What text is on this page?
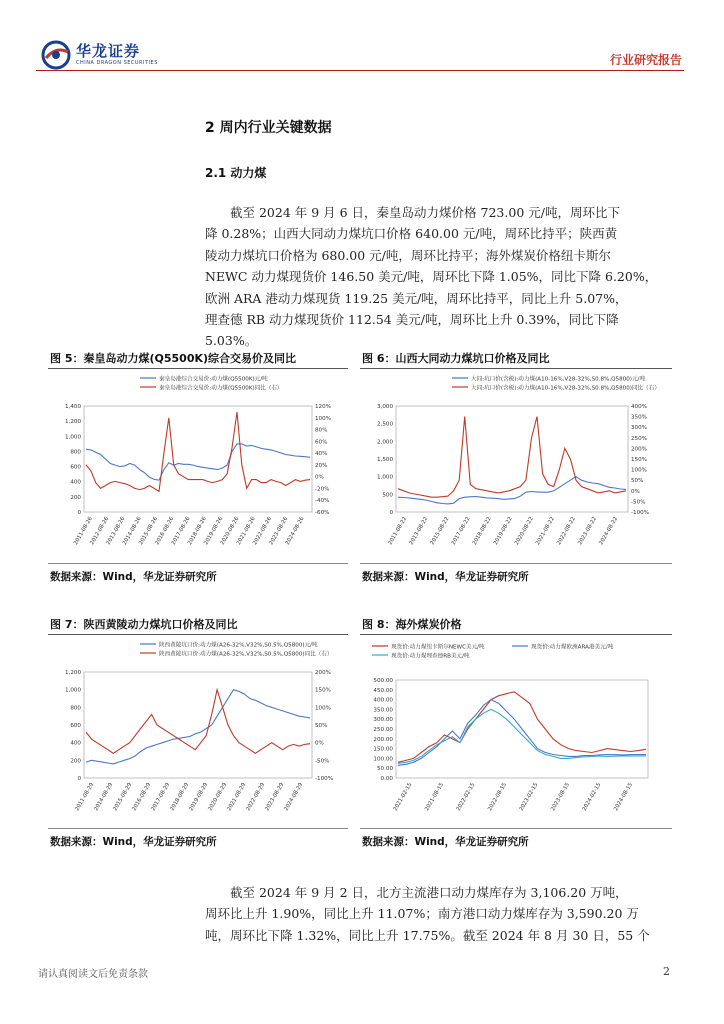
华龙证券
CHINA DRAGON SECURITIES	行业研究报告
2 周内行业关键数据
2.1 动力煤
截至 2024 年 9 月 6 日，秦皇岛动力煤价格 723.00 元/吨，周环比下
降 0.28%；山西大同动力煤坑口价格 640.00 元/吨，周环比持平；陕西黄
陵动力煤坑口价格为 680.00 元/吨，周环比持平；海外煤炭价格纽卡斯尔
NEWC 动力煤现货价 146.50 美元/吨，周环比下降 1.05%，同比下降 6.20%，
欧洲 ARA 港动力煤现货 119.25 美元/吨，周环比持平，同比上升 5.07%，
理查德 RB 动力煤现货价 112.54 美元/吨，周环比上升 0.39%，同比下降
5.03%。
图 5：秦皇岛动力煤(Q5500K)综合交易价及同比
秦皇岛港综合交易价:动力煤(Q5500K)元/吨
秦皇岛港综合交易价:动力煤(Q5500K)同比（右）
1,400
1,200
1,000
800
600
400
200
0
120%
100%
80%
60%
40%
20%
0%
-20%
-40%
-60%
2011-08-26
2012-08-26
2013-08-26
2014-08-26
2015-08-26
2016-08-26
2017-08-26
2018-08-26
2019-08-26
2020-08-26
2021-08-26
2022-08-26
2023-08-26
2024-08-26
数据来源：Wind，华龙证券研究所
图 6：山西大同动力煤坑口价格及同比
大同:坑口价(含税):动力煤(A10-16%,V28-32%,S0.8%,Q5800)元/吨
大同:坑口价(含税):动力煤(A10-16%,V28-32%,S0.8%,Q5800)同比（右）
3,000
2,500
2,000
1,500
1,000
500
0
400%
350%
300%
250%
200%
150%
100%
50%
0%
-50%
-100%
2011-08-22 2013-08-22 2015-08-22 2017-08-22 2018-08-22 2019-08-22 2020-08-22 2021-08-22 2022-08-22 2023-08-22 2024-08-22
数据来源：Wind，华龙证券研究所
图 7：陕西黄陵动力煤坑口价格及同比
陕西黄陵坑口价:动力煤(A26-32%,V32%,S0.5%,Q5800)元/吨
陕西黄陵坑口价:动力煤(A26-32%,V32%,S0.5%,Q5800)同比（右）
1,200
1,000
800
600
400
200
0
200%
150%
100%
50%
0%
-50%
-100%
2011-08-29
2014-08-29
2015-08-29
2016-08-29
2017-08-29
2018-08-29
2019-08-29
2020-08-29
2021-08-29
2022-08-29
2023-08-29
2024-08-29
数据来源：Wind，华龙证券研究所
图 8：海外煤炭价格
现货价:动力煤纽卡斯尔NEWC美元/吨	现货价:动力煤欧洲ARA港美元/吨
现货价:动力煤理查德RB美元/吨
500.00
450.00
400.00
350.00
300.00
250.00
200.00
150.00
100.00
50.00
0.00
2021-02-15 2021-08-15 2022-02-15 2022-08-15 2023-02-15 2023-08-15 2024-02-15 2024-08-15
数据来源：Wind，华龙证券研究所
截至 2024 年 9 月 2 日，北方主流港口动力煤库存为 3,106.20 万吨，
周环比上升 1.90%，同比上升 11.07%；南方港口动力煤库存为 3,590.20 万
吨，周环比下降 1.32%，同比上升 17.75%。截至 2024 年 8 月 30 日，55 个
请认真阅读文后免责条款	2
